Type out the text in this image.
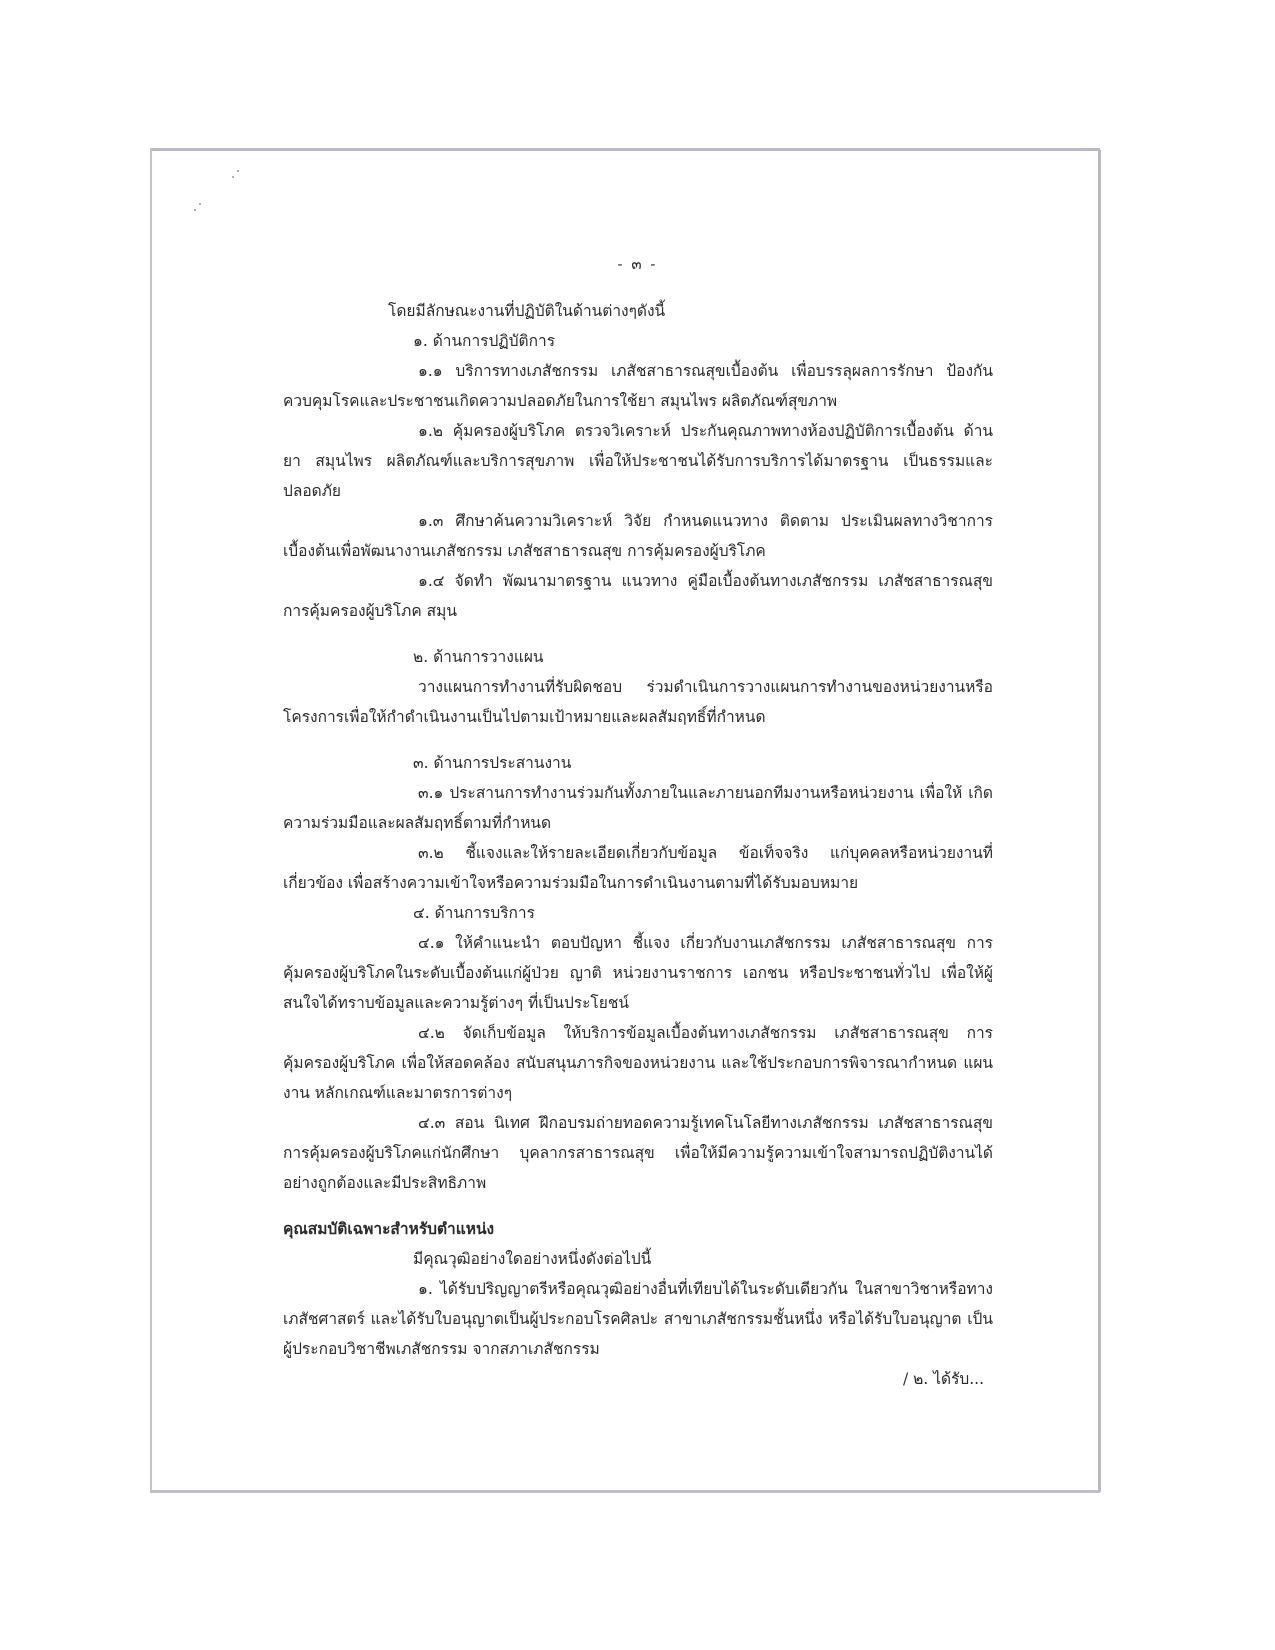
- ๓ -

โดยมีลักษณะงานที่ปฏิบัติในด้านต่างๆดังนี้

๑. ด้านการปฏิบัติการ

๑.๑ บริการทางเภสัชกรรม เภสัชสาธารณสุขเบื้องต้น เพื่อบรรลุผลการรักษา ป้องกัน ควบคุมโรคและประชาชนเกิดความปลอดภัยในการใช้ยา สมุนไพร ผลิตภัณฑ์สุขภาพ

๑.๒ คุ้มครองผู้บริโภค ตรวจวิเคราะห์ ประกันคุณภาพทางห้องปฏิบัติการเบื้องต้น ด้าน ยา สมุนไพร ผลิตภัณฑ์และบริการสุขภาพ เพื่อให้ประชาชนได้รับการบริการได้มาตรฐาน เป็นธรรมและปลอดภัย

๑.๓ ศึกษาค้นความวิเคราะห์ วิจัย กำหนดแนวทาง ติดตาม ประเมินผลทางวิชาการ เบื้องต้นเพื่อพัฒนางานเภสัชกรรม เภสัชสาธารณสุข การคุ้มครองผู้บริโภค

๑.๔ จัดทำ พัฒนามาตรฐาน แนวทาง คู่มือเบื้องต้นทางเภสัชกรรม เภสัชสาธารณสุข การคุ้มครองผู้บริโภค สมุน

๒. ด้านการวางแผน

วางแผนการทำงานที่รับผิดชอบ ร่วมดำเนินการวางแผนการทำงานของหน่วยงานหรือ โครงการเพื่อให้กำดำเนินงานเป็นไปตามเป้าหมายและผลสัมฤทธิ์ที่กำหนด

๓. ด้านการประสานงาน

๓.๑ ประสานการทำงานร่วมกันทั้งภายในและภายนอกทีมงานหรือหน่วยงาน เพื่อให้ เกิดความร่วมมือและผลสัมฤทธิ์ตามที่กำหนด

๓.๒ ชี้แจงและให้รายละเอียดเกี่ยวกับข้อมูล ข้อเท็จจริง แก่บุคคลหรือหน่วยงานที่ เกี่ยวข้อง เพื่อสร้างความเข้าใจหรือความร่วมมือในการดำเนินงานตามที่ได้รับมอบหมาย

๔. ด้านการบริการ

๔.๑ ให้คำแนะนำ ตอบปัญหา ชี้แจง เกี่ยวกับงานเภสัชกรรม เภสัชสาธารณสุข การ คุ้มครองผู้บริโภคในระดับเบื้องต้นแก่ผู้ป่วย ญาติ หน่วยงานราชการ เอกชน หรือประชาชนทั่วไป เพื่อให้ผู้สนใจได้ทราบข้อมูลและความรู้ต่างๆ ที่เป็นประโยชน์

๔.๒ จัดเก็บข้อมูล ให้บริการข้อมูลเบื้องต้นทางเภสัชกรรม เภสัชสาธารณสุข การ คุ้มครองผู้บริโภค เพื่อให้สอดคล้อง สนับสนุนภารกิจของหน่วยงาน และใช้ประกอบการพิจารณากำหนด แผนงาน หลักเกณฑ์และมาตรการต่างๆ

๔.๓ สอน นิเทศ ฝึกอบรมถ่ายทอดความรู้เทคโนโลยีทางเภสัชกรรม เภสัชสาธารณสุข การคุ้มครองผู้บริโภคแก่นักศึกษา บุคลากรสาธารณสุข เพื่อให้มีความรู้ความเข้าใจสามารถปฏิบัติงานได้อย่างถูกต้องและมีประสิทธิภาพ

คุณสมบัติเฉพาะสำหรับตำแหน่ง

มีคุณวุฒิอย่างใดอย่างหนึ่งดังต่อไปนี้

๑. ได้รับปริญญาตรีหรือคุณวุฒิอย่างอื่นที่เทียบได้ในระดับเดียวกัน ในสาขาวิชาหรือทาง เภสัชศาสตร์ และได้รับใบอนุญาตเป็นผู้ประกอบโรคศิลปะ สาขาเภสัชกรรมชั้นหนึ่ง หรือได้รับใบอนุญาต เป็นผู้ประกอบวิชาชีพเภสัชกรรม จากสภาเภสัชกรรม

/ ๒. ได้รับ...
